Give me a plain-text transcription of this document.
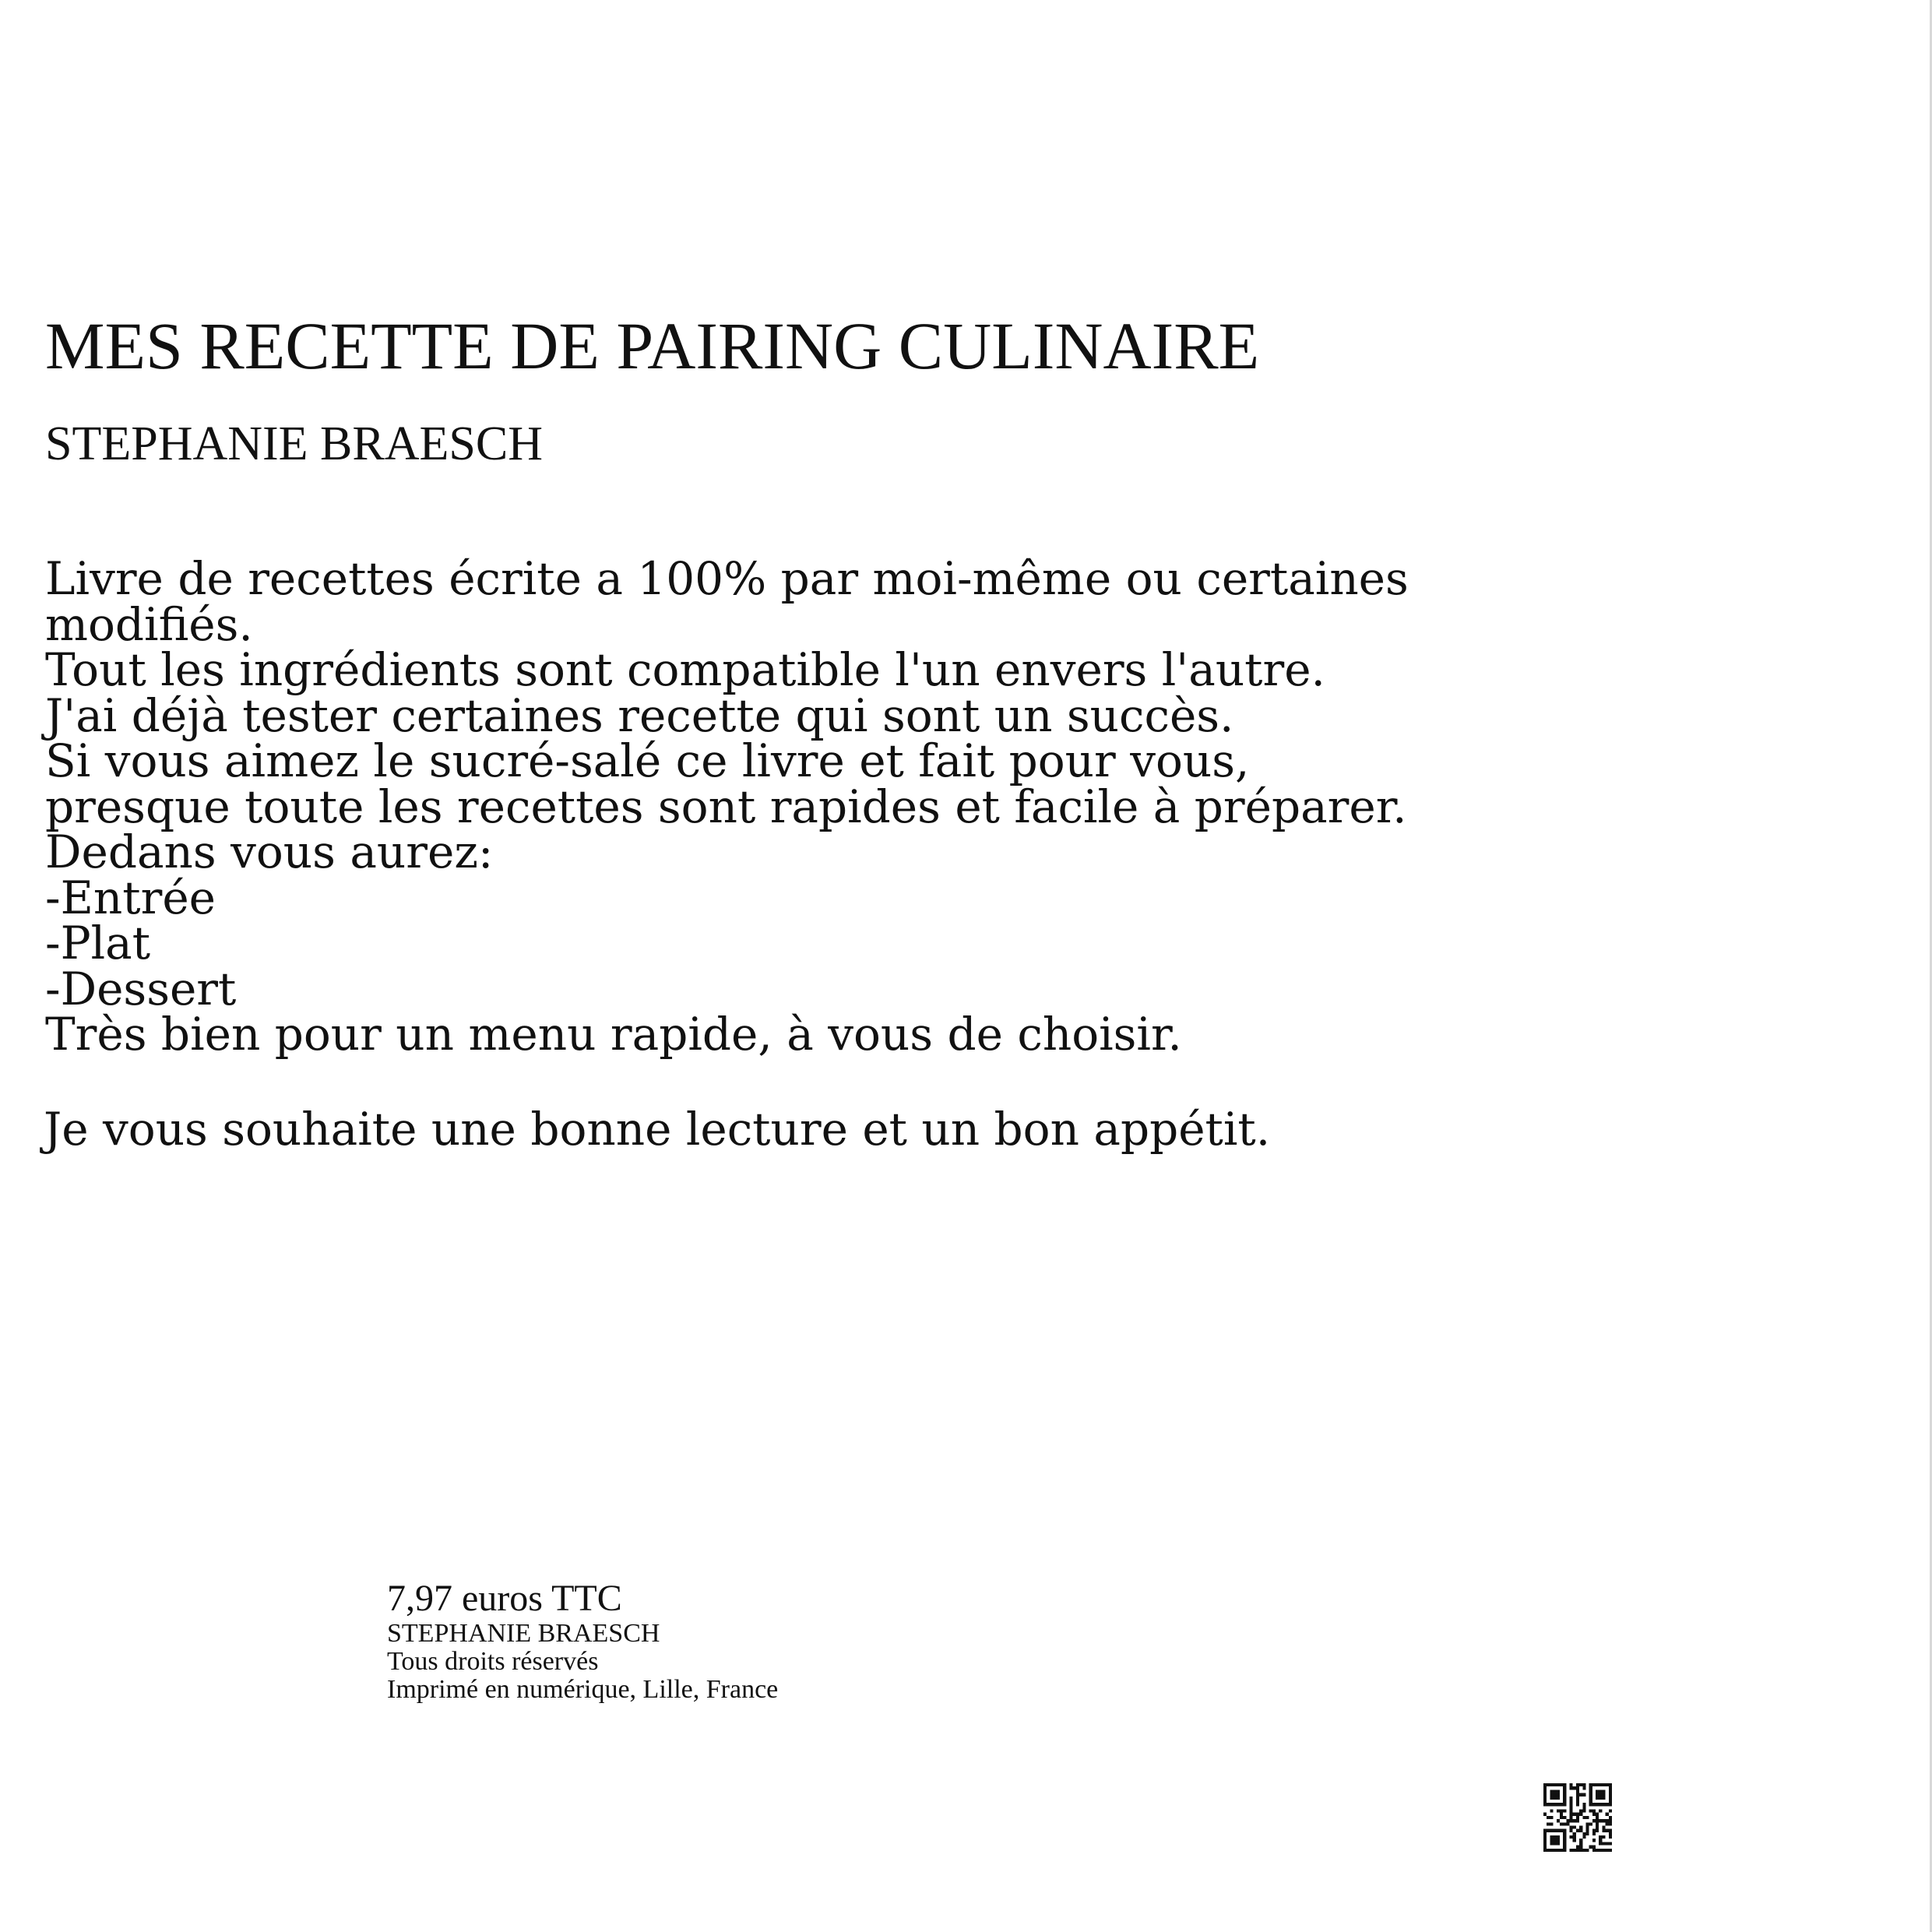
MES RECETTE DE PAIRING CULINAIRE
STEPHANIE BRAESCH
Livre de recettes écrite a 100% par moi-même ou certaines
modifiés.
Tout les ingrédients sont compatible l'un envers l'autre.
J'ai déjà tester certaines recette qui sont un succès.
Si vous aimez le sucré-salé ce livre et fait pour vous,
presque toute les recettes sont rapides et facile à préparer.
Dedans vous aurez:
-Entrée
-Plat
-Dessert
Très bien pour un menu rapide, à vous de choisir.
Je vous souhaite une bonne lecture et un bon appétit.
7,97 euros TTC
STEPHANIE BRAESCH
Tous droits réservés
Imprimé en numérique, Lille, France
